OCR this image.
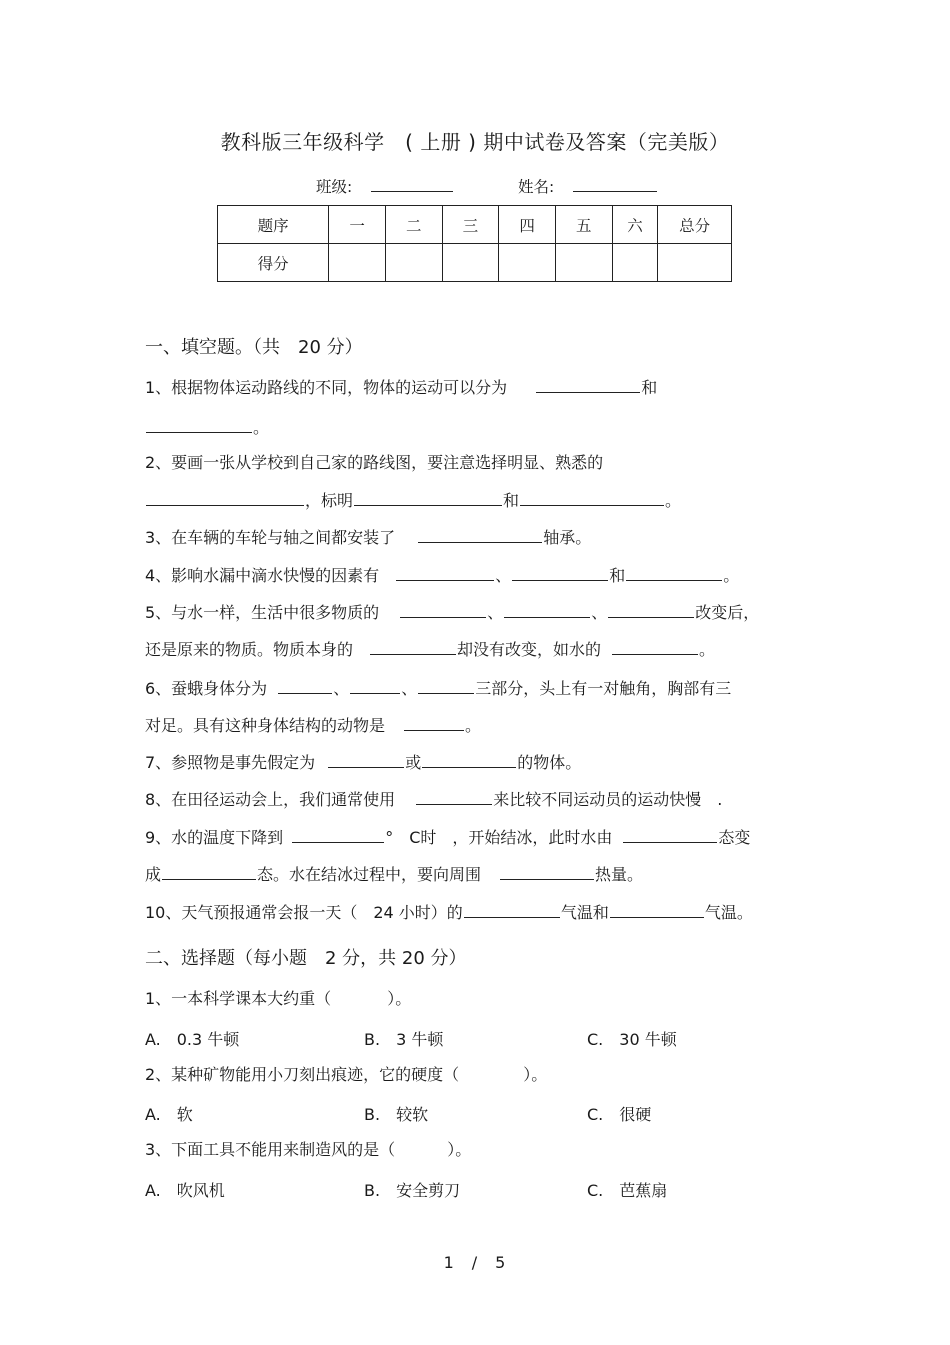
教科版三年级科学　( 上册 ) 期中试卷及答案（完美版）
班级:	姓名:
题序	一	二	三	四	五	六	总分
得分							
一、填空题。（共　20 分）
1、根据物体运动路线的不同，物体的运动可以分为	和
。
2、要画一张从学校到自己家的路线图，要注意选择明显、熟悉的
，标明	和	。
3、在车辆的车轮与轴之间都安装了	轴承。
4、影响水漏中滴水快慢的因素有	、	和	。
5、与水一样，生活中很多物质的	、	、	改变后，
还是原来的物质。物质本身的	却没有改变，如水的	。
6、蚕蛾身体分为	、	、	三部分，头上有一对触角，胸部有三
对足。具有这种身体结构的动物是	。
7、参照物是事先假定为	或	的物体。
8、在田径运动会上，我们通常使用	来比较不同运动员的运动快慢　.
9、水的温度下降到	°　C时　，开始结冰，此时水由	态变
成	态。水在结冰过程中，要向周围	热量。
10、天气预报通常会报一天（　24 小时）的	气温和	气温。
二、选择题（每小题　2 分，共 20 分）
1、一本科学课本大约重（	）。
A.　0.3 牛顿	B.　3 牛顿	C.　30 牛顿
2、某种矿物能用小刀刻出痕迹，它的硬度（	）。
A.　软	B.　较软	C.　很硬
3、下面工具不能用来制造风的是（	）。
A.　吹风机	B.　安全剪刀	C.　芭蕉扇
1　/　5
